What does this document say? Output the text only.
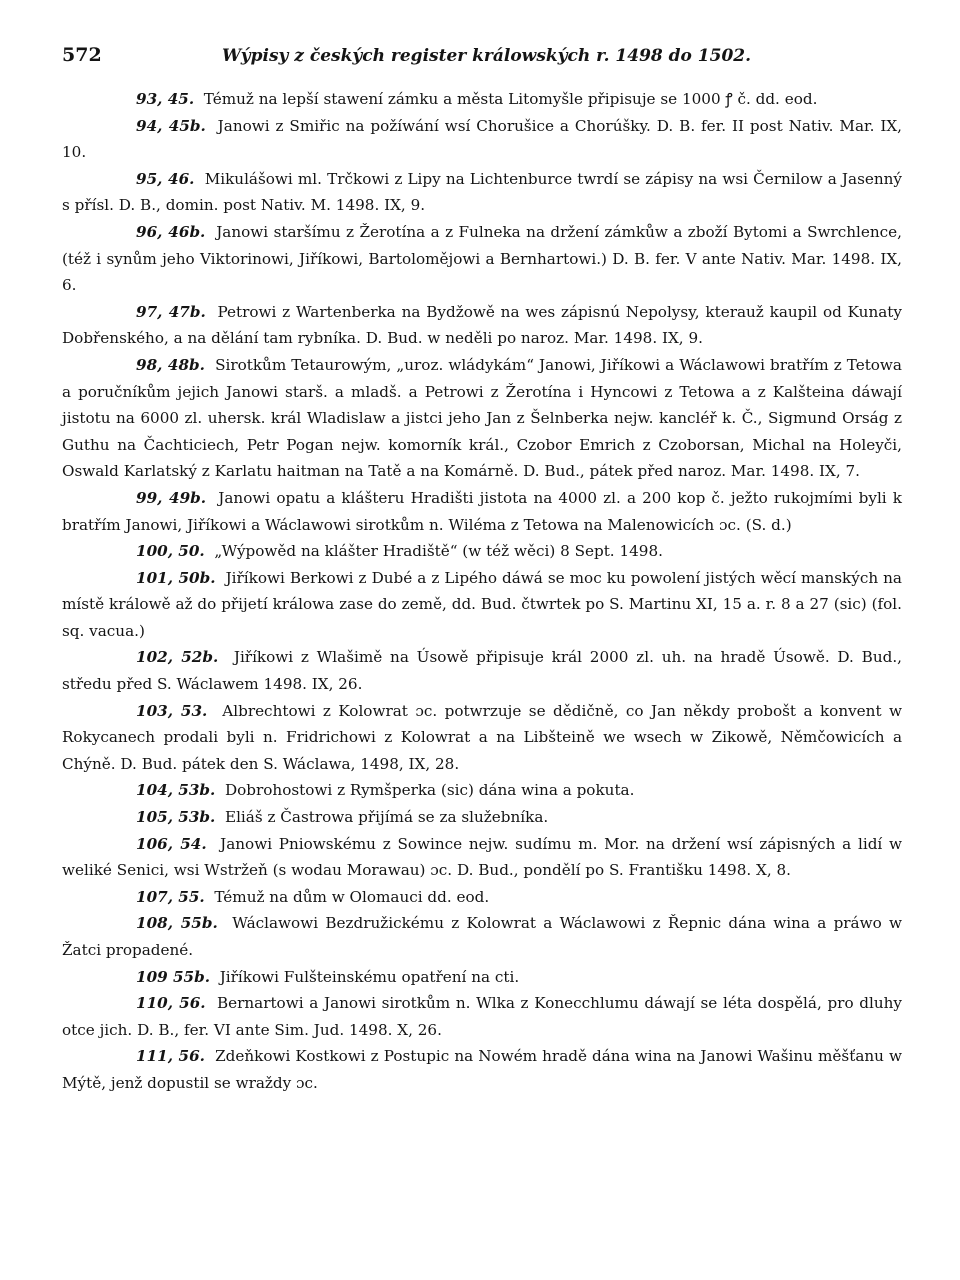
572	Wýpisy z českých register králowských r. 1498 do 1502.

93, 45. Témuž na lepší stawení zámku a města Litomyšle připisuje se 1000 ꝭ č. dd. eod.

94, 45b. Janowi z Smiřic na požíwání wsí Chorušice a Chorúšky. D. B. fer. II post Nativ. Mar. IX, 10.

95, 46. Mikulášowi ml. Trčkowi z Lipy na Lichtenburce twrdí se zápisy na wsi Černilow a Jasenný s přísl. D. B., domin. post Nativ. M. 1498. IX, 9.

96, 46b. Janowi staršímu z Žerotína a z Fulneka na držení zámkůw a zboží Bytomi a Swrchlence, (též i synům jeho Viktorinowi, Jiříkowi, Bartolomějowi a Bernhartowi.) D. B. fer. V ante Nativ. Mar. 1498. IX, 6.

97, 47b. Petrowi z Wartenberka na Bydžowě na wes zápisnú Nepolysy, kterauž kaupil od Kunaty Dobřenského, a na dělání tam rybníka. D. Bud. w neděli po naroz. Mar. 1498. IX, 9.

98, 48b. Sirotkům Tetaurowým, „uroz. wládykám“ Janowi, Jiříkowi a Wáclawowi bratřím z Tetowa a poručníkům jejich Janowi starš. a mladš. a Petrowi z Žerotína i Hyncowi z Tetowa a z Kalšteina dáwají jistotu na 6000 zl. uhersk. král Wladislaw a jistci jeho Jan z Šelnberka nejw. kancléř k. Č., Sigmund Orság z Guthu na Čachticiech, Petr Pogan nejw. komorník král., Czobor Emrich z Czoborsan, Michal na Holeyči, Oswald Karlatský z Karlatu haitman na Tatě a na Komárně. D. Bud., pátek před naroz. Mar. 1498. IX, 7.

99, 49b. Janowi opatu a klášteru Hradišti jistota na 4000 zl. a 200 kop č. ježto rukojmími byli k bratřím Janowi, Jiříkowi a Wáclawowi sirotkům n. Wiléma z Tetowa na Malenowicích ɔc. (S. d.)

100, 50. „Wýpowěd na klášter Hradiště“ (w též wěci) 8 Sept. 1498.

101, 50b. Jiříkowi Berkowi z Dubé a z Lipého dáwá se moc ku powolení jistých wěcí manských na místě králowě až do přijetí králowa zase do země, dd. Bud. čtwrtek po S. Martinu XI, 15 a. r. 8 a 27 (sic) (fol. sq. vacua.)

102, 52b. Jiříkowi z Wlašimě na Úsowě připisuje král 2000 zl. uh. na hradě Úsowě. D. Bud., středu před S. Wáclawem 1498. IX, 26.

103, 53. Albrechtowi z Kolowrat ɔc. potwrzuje se dědičně, co Jan někdy probošt a konvent w Rokycanech prodali byli n. Fridrichowi z Kolowrat a na Libšteině we wsech w Zikowě, Němčowicích a Chýně. D. Bud. pátek den S. Wáclawa, 1498, IX, 28.

104, 53b. Dobrohostowi z Rymšperka (sic) dána wina a pokuta.

105, 53b. Eliáš z Častrowa přijímá se za služebníka.

106, 54. Janowi Pniowskému z Sowince nejw. sudímu m. Mor. na držení wsí zápisných a lidí w weliké Senici, wsi Wstržeň (s wodau Morawau) ɔc. D. Bud., pondělí po S. Františku 1498. X, 8.

107, 55. Témuž na dům w Olomauci dd. eod.

108, 55b. Wáclawowi Bezdružickému z Kolowrat a Wáclawowi z Řepnic dána wina a práwo w Žatci propadené.

109 55b. Jiříkowi Fulšteinskému opatření na cti.

110, 56. Bernartowi a Janowi sirotkům n. Wlka z Konecchlumu dáwají se léta dospělá, pro dluhy otce jich. D. B., fer. VI ante Sim. Jud. 1498. X, 26.

111, 56. Zdeňkowi Kostkowi z Postupic na Nowém hradě dána wina na Janowi Wašinu měšťanu w Mýtě, jenž dopustil se wraždy ɔc.
